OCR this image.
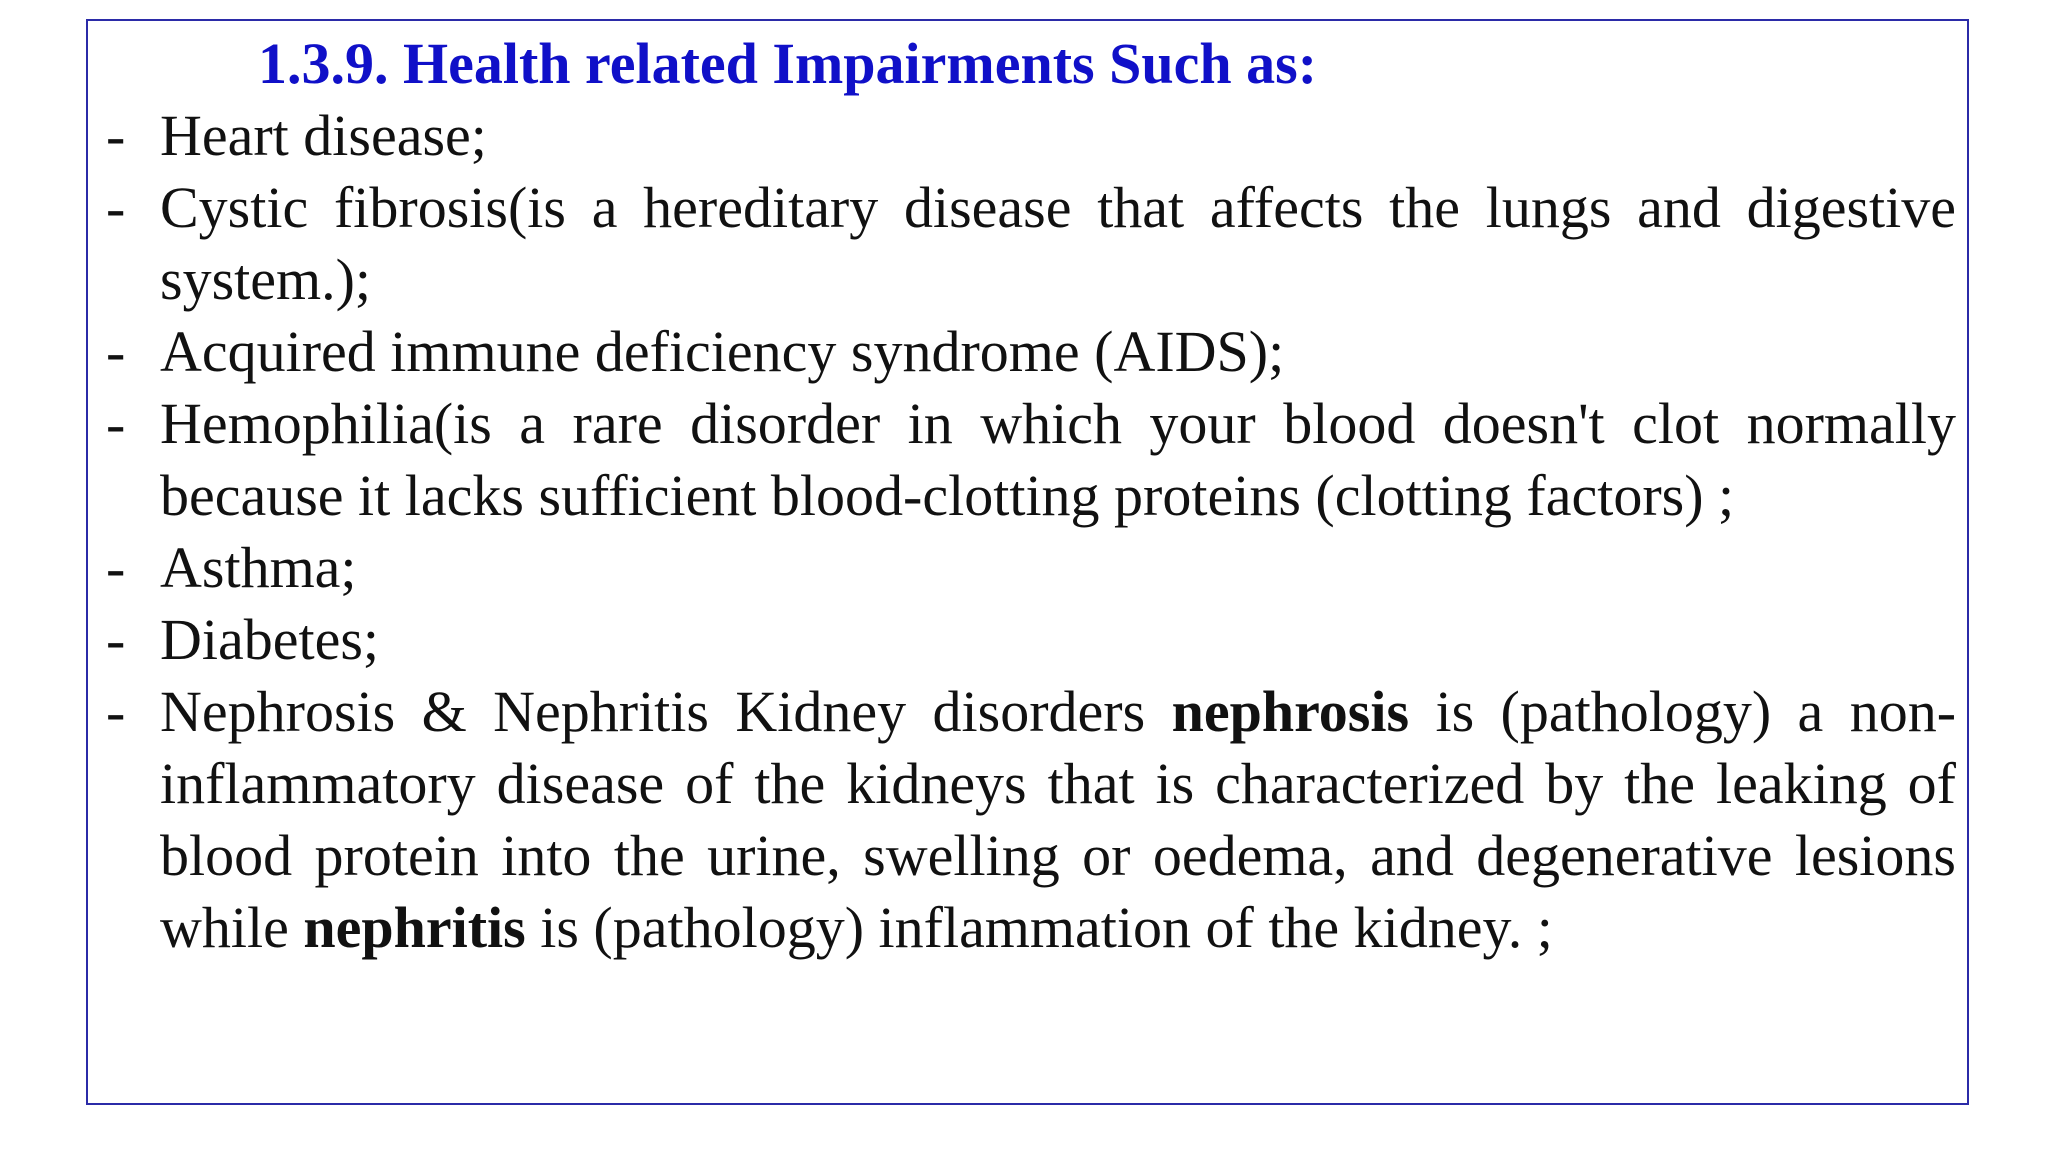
1.3.9. Health related Impairments Such as:
- Heart disease;
- Cystic fibrosis(is a hereditary disease that affects the lungs and digestive system.);
- Acquired immune deficiency syndrome (AIDS);
- Hemophilia(is a rare disorder in which your blood doesn't clot normally because it lacks sufficient blood-clotting proteins (clotting factors) ;
- Asthma;
- Diabetes;
- Nephrosis & Nephritis Kidney disorders nephrosis is (pathology) a non-inflammatory disease of the kidneys that is characterized by the leaking of blood protein into the urine, swelling or oedema, and degenerative lesions while nephritis is (pathology) inflammation of the kidney. ;
